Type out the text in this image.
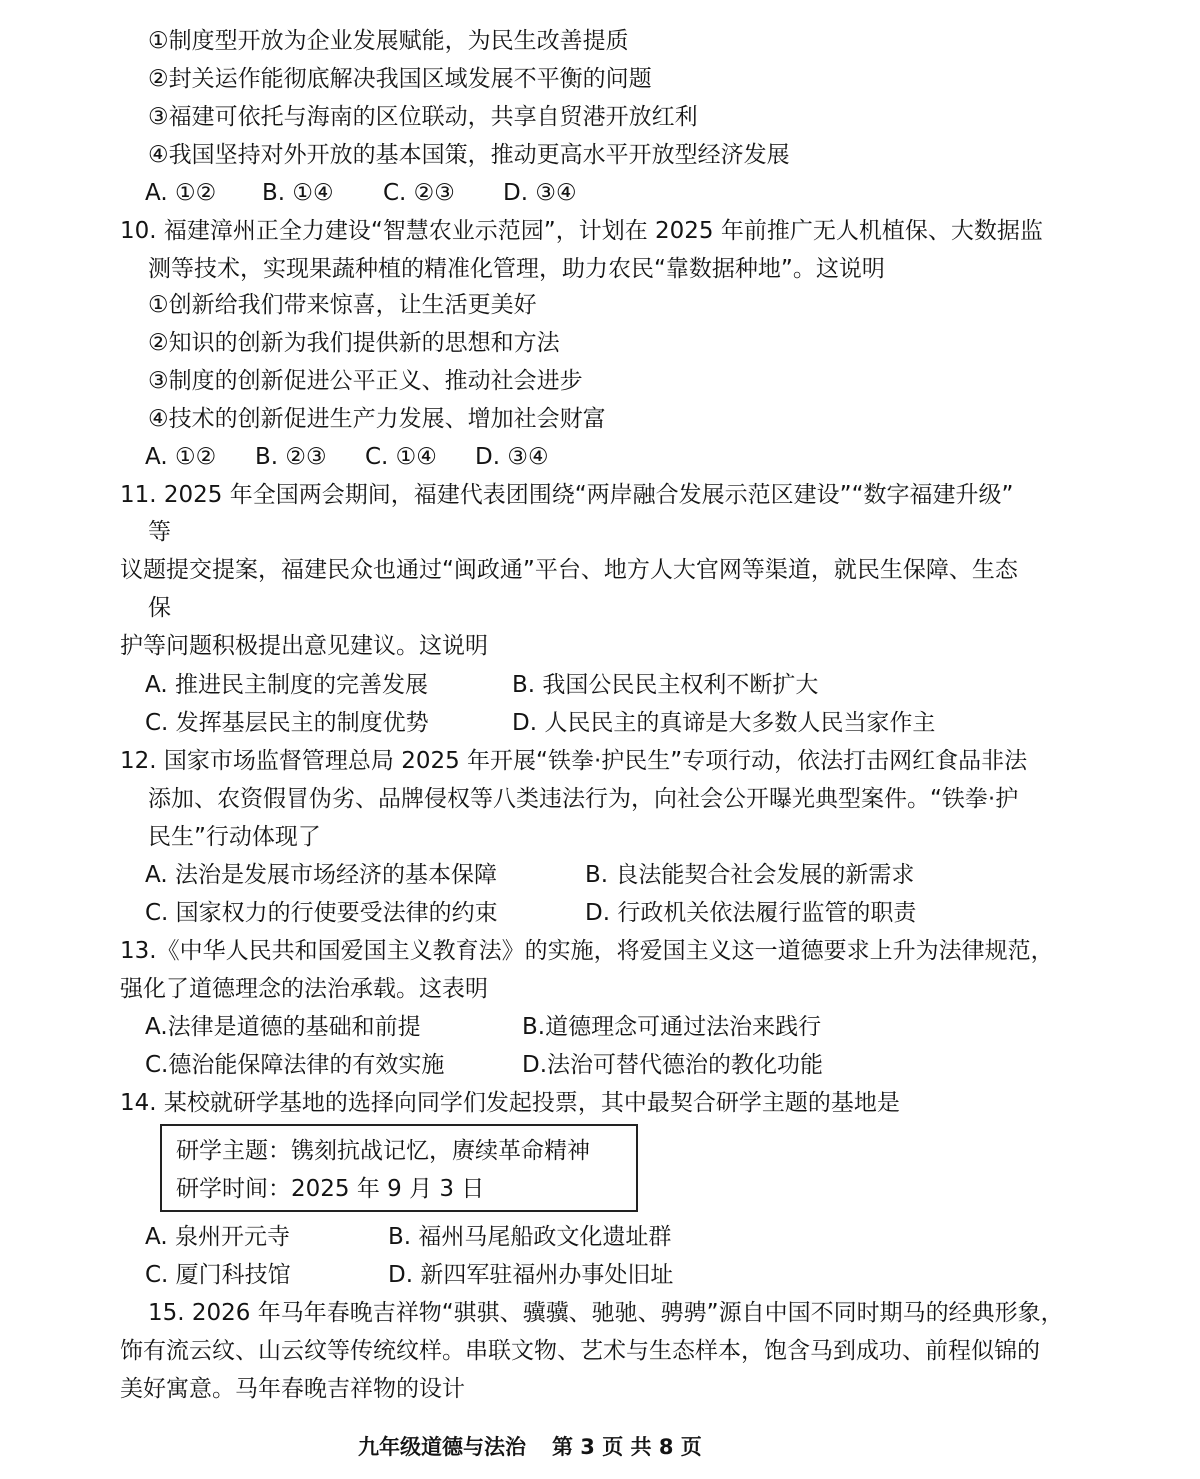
①制度型开放为企业发展赋能，为民生改善提质
②封关运作能彻底解决我国区域发展不平衡的问题
③福建可依托与海南的区位联动，共享自贸港开放红利
④我国坚持对外开放的基本国策，推动更高水平开放型经济发展
A. ①② B. ①④ C. ②③ D. ③④
10. 福建漳州正全力建设“智慧农业示范园”，计划在 2025 年前推广无人机植保、大数据监
测等技术，实现果蔬种植的精准化管理，助力农民“靠数据种地”。这说明
①创新给我们带来惊喜，让生活更美好
②知识的创新为我们提供新的思想和方法
③制度的创新促进公平正义、推动社会进步
④技术的创新促进生产力发展、增加社会财富
A. ①② B. ②③ C. ①④ D. ③④
11. 2025 年全国两会期间，福建代表团围绕“两岸融合发展示范区建设”“数字福建升级”
等
议题提交提案，福建民众也通过“闽政通”平台、地方人大官网等渠道，就民生保障、生态
保
护等问题积极提出意见建议。这说明
A. 推进民主制度的完善发展	B. 我国公民民主权利不断扩大
C. 发挥基层民主的制度优势	D. 人民民主的真谛是大多数人民当家作主
12. 国家市场监督管理总局 2025 年开展“铁拳·护民生”专项行动，依法打击网红食品非法
添加、农资假冒伪劣、品牌侵权等八类违法行为，向社会公开曝光典型案件。“铁拳·护
民生”行动体现了
A. 法治是发展市场经济的基本保障	B. 良法能契合社会发展的新需求
C. 国家权力的行使要受法律的约束	D. 行政机关依法履行监管的职责
13.《中华人民共和国爱国主义教育法》的实施，将爱国主义这一道德要求上升为法律规范，
强化了道德理念的法治承载。这表明
A.法律是道德的基础和前提	B.道德理念可通过法治来践行
C.德治能保障法律的有效实施	D.法治可替代德治的教化功能
14. 某校就研学基地的选择向同学们发起投票，其中最契合研学主题的基地是
研学主题：镌刻抗战记忆，赓续革命精神
研学时间：2025 年 9 月 3 日
A. 泉州开元寺	B. 福州马尾船政文化遗址群
C. 厦门科技馆	D. 新四军驻福州办事处旧址
15. 2026 年马年春晚吉祥物“骐骐、骥骥、驰驰、骋骋”源自中国不同时期马的经典形象，
饰有流云纹、山云纹等传统纹样。串联文物、艺术与生态样本，饱含马到成功、前程似锦的
美好寓意。马年春晚吉祥物的设计
九年级道德与法治 第 3 页 共 8 页
